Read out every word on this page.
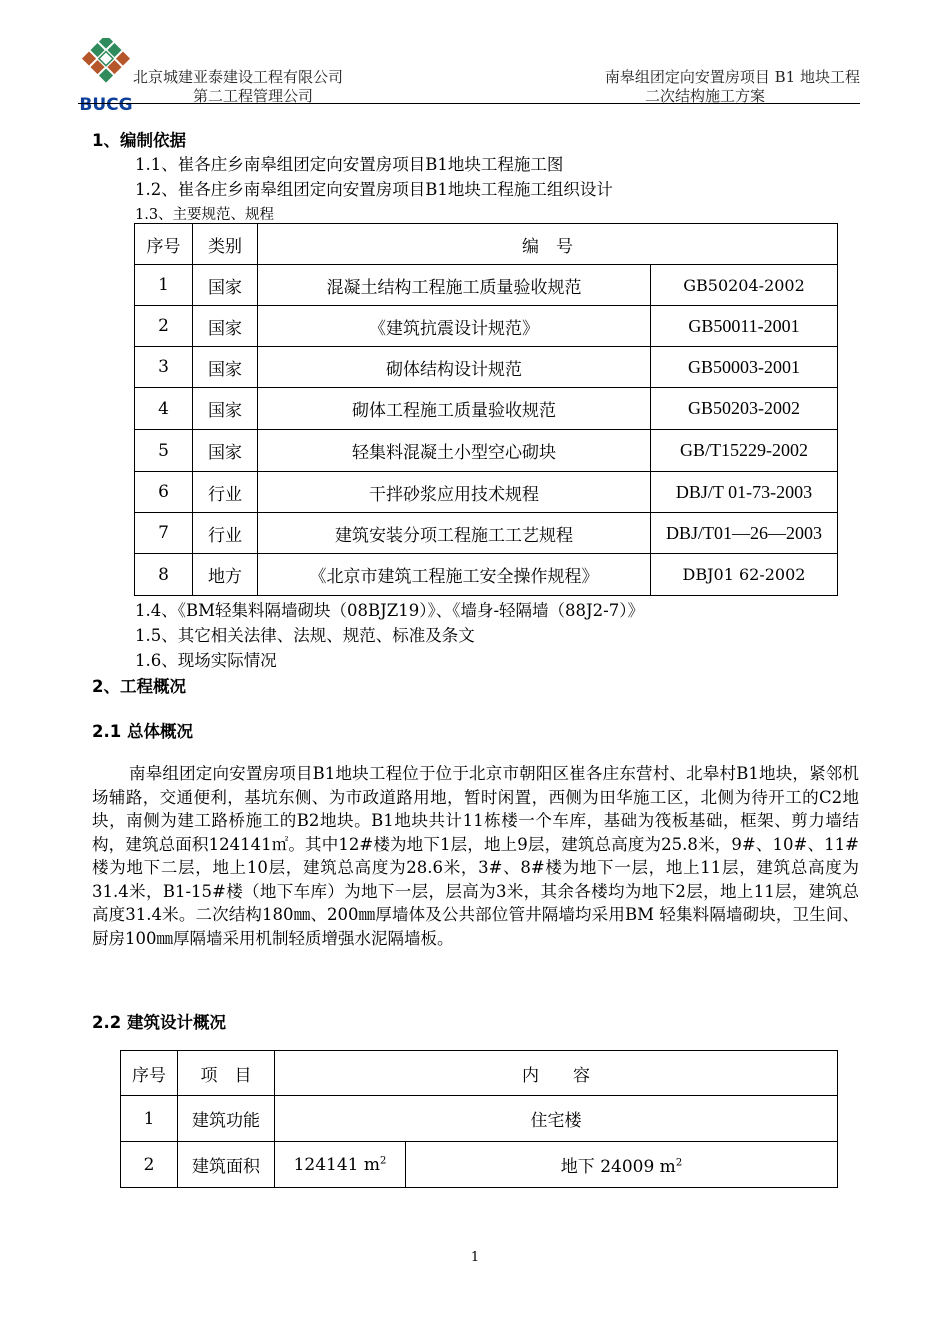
BUCG
北京城建亚泰建设工程有限公司
第二工程管理公司
南皋组团定向安置房项目 B1 地块工程
二次结构施工方案
1、编制依据
1.1、崔各庄乡南皋组团定向安置房项目B1地块工程施工图
1.2、崔各庄乡南皋组团定向安置房项目B1地块工程施工组织设计
1.3、主要规范、规程
序号	类别	编　号	
1	国家	混凝土结构工程施工质量验收规范	GB50204-2002
2	国家	《建筑抗震设计规范》	GB50011-2001
3	国家	砌体结构设计规范	GB50003-2001
4	国家	砌体工程施工质量验收规范	GB50203-2002
5	国家	轻集料混凝土小型空心砌块	GB/T15229-2002
6	行业	干拌砂浆应用技术规程	DBJ/T 01-73-2003
7	行业	建筑安装分项工程施工工艺规程	DBJ/T01—26—2003
8	地方	《北京市建筑工程施工安全操作规程》	DBJ01 62-2002
1.4、《BM轻集料隔墙砌块（08BJZ19）》、《墙身-轻隔墙（88J2-7）》
1.5、其它相关法律、法规、规范、标准及条文
1.6、现场实际情况
2、工程概况
2.1 总体概况
南皋组团定向安置房项目B1地块工程位于位于北京市朝阳区崔各庄东营村、北皋村B1地块，紧邻机场辅路，交通便利，基坑东侧、为市政道路用地，暂时闲置，西侧为田华施工区，北侧为待开工的C2地块，南侧为建工路桥施工的B2地块。B1地块共计11栋楼一个车库，基础为筏板基础，框架、剪力墙结构，建筑总面积124141㎡。其中12#楼为地下1层，地上9层，建筑总高度为25.8米，9#、10#、11#楼为地下二层，地上10层，建筑总高度为28.6米，3#、8#楼为地下一层，地上11层，建筑总高度为31.4米，B1-15#楼（地下车库）为地下一层，层高为3米，其余各楼均为地下2层，地上11层，建筑总高度31.4米。二次结构180㎜、200㎜厚墙体及公共部位管井隔墙均采用BM 轻集料隔墙砌块，卫生间、厨房100㎜厚隔墙采用机制轻质增强水泥隔墙板。
2.2 建筑设计概况
序号	项　目	内　　容	
1	建筑功能	住宅楼	
2	建筑面积	124141 $m^2$	地下 24009 $m^2$
1
